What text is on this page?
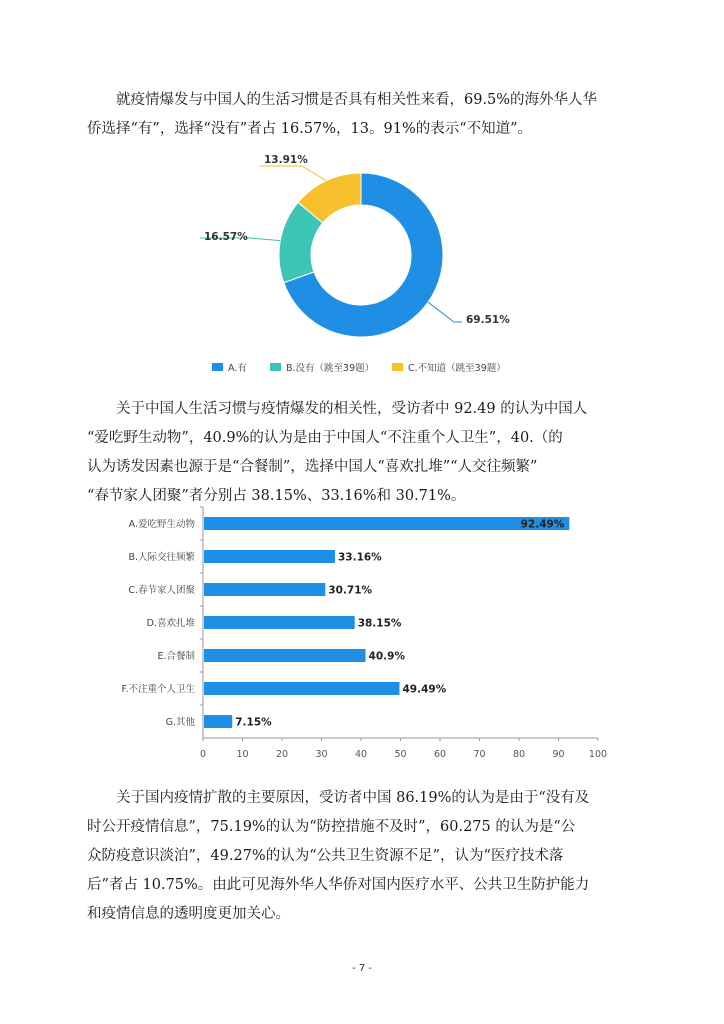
　　就疫情爆发与中国人的生活习惯是否具有相关性来看，69.5%的海外华人华
侨选择“有”，选择“没有”者占 16.57%，13。91%的表示“不知道”。
　　关于中国人生活习惯与疫情爆发的相关性，受访者中 92.49 的认为中国人
“爱吃野生动物”，40.9%的认为是由于中国人“不注重个人卫生”，40.（的
认为诱发因素也源于是“合餐制”，选择中国人“喜欢扎堆”“人交往频繁”
“春节家人团聚”者分别占 38.15%、33.16%和 30.71%。
　　关于国内疫情扩散的主要原因，受访者中国 86.19%的认为是由于“没有及
时公开疫情信息”，75.19%的认为“防控措施不及时”，60.275 的认为是“公
众防疫意识淡泊”，49.27%的认为“公共卫生资源不足”，认为“医疗技术落
后”者占 10.75%。由此可见海外华人华侨对国内医疗水平、公共卫生防护能力
和疫情信息的透明度更加关心。
69.51%
16.57%
13.91%
A.有	B.没有（跳至39题）	C.不知道（跳至39题）
0	10	20	30	40	50	60	70	80	90	100
A.爱吃野生动物	92.49%
B.人际交往频繁	33.16%
C.春节家人团聚	30.71%
D.喜欢扎堆	38.15%
E.合餐制	40.9%
F.不注重个人卫生	49.49%
G.其他	7.15%
- 7 -
